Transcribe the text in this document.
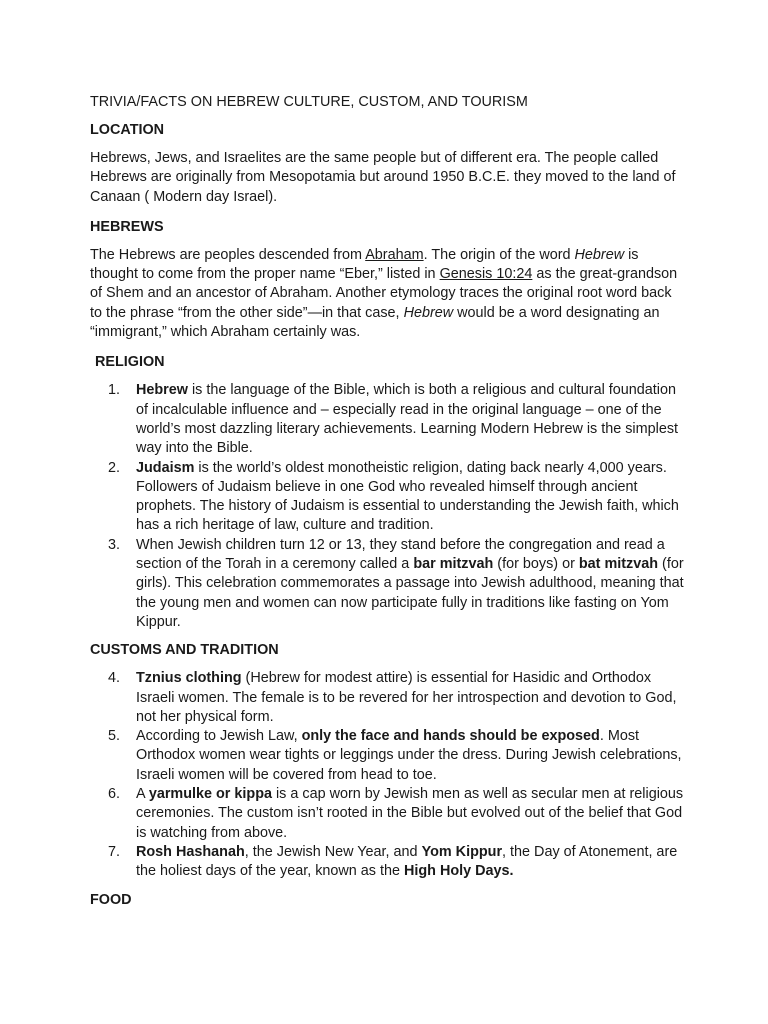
TRIVIA/FACTS ON HEBREW CULTURE, CUSTOM, AND TOURISM

LOCATION

Hebrews, Jews, and Israelites are the same people but of different era. The people called Hebrews are originally from Mesopotamia but around 1950 B.C.E. they moved to the land of Canaan ( Modern day Israel).

HEBREWS

The Hebrews are peoples descended from Abraham. The origin of the word Hebrew is thought to come from the proper name “Eber,” listed in Genesis 10:24 as the great-grandson of Shem and an ancestor of Abraham. Another etymology traces the original root word back to the phrase “from the other side”—in that case, Hebrew would be a word designating an “immigrant,” which Abraham certainly was.

RELIGION

1.	Hebrew is the language of the Bible, which is both a religious and cultural foundation of incalculable influence and – especially read in the original language – one of the world’s most dazzling literary achievements. Learning Modern Hebrew is the simplest way into the Bible.
2.	Judaism is the world’s oldest monotheistic religion, dating back nearly 4,000 years. Followers of Judaism believe in one God who revealed himself through ancient prophets. The history of Judaism is essential to understanding the Jewish faith, which has a rich heritage of law, culture and tradition.
3.	When Jewish children turn 12 or 13, they stand before the congregation and read a section of the Torah in a ceremony called a bar mitzvah (for boys) or bat mitzvah (for girls). This celebration commemorates a passage into Jewish adulthood, meaning that the young men and women can now participate fully in traditions like fasting on Yom Kippur.

CUSTOMS AND TRADITION

4.	Tznius clothing (Hebrew for modest attire) is essential for Hasidic and Orthodox Israeli women. The female is to be revered for her introspection and devotion to God, not her physical form.
5.	According to Jewish Law, only the face and hands should be exposed. Most Orthodox women wear tights or leggings under the dress. During Jewish celebrations, Israeli women will be covered from head to toe.
6.	A yarmulke or kippa is a cap worn by Jewish men as well as secular men at religious ceremonies. The custom isn’t rooted in the Bible but evolved out of the belief that God is watching from above.
7.	Rosh Hashanah, the Jewish New Year, and Yom Kippur, the Day of Atonement, are the holiest days of the year, known as the High Holy Days.

FOOD
